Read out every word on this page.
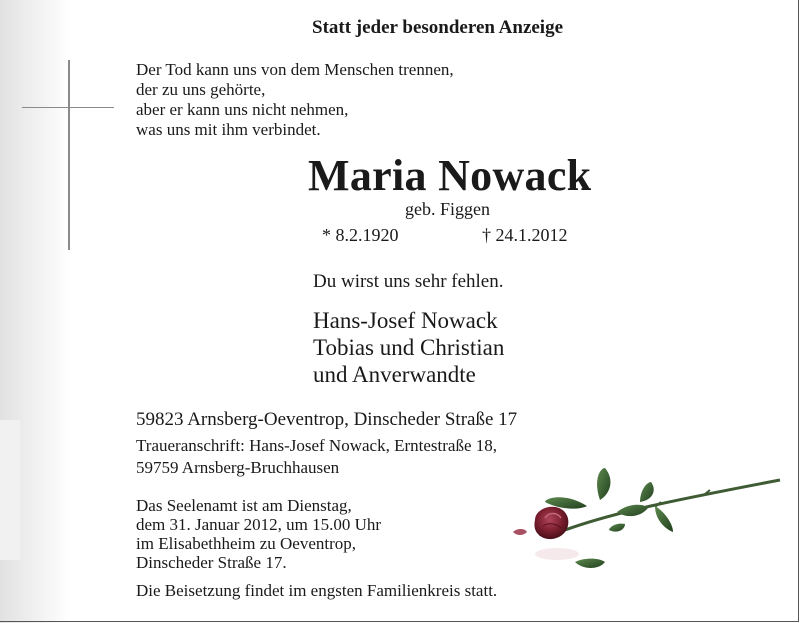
Statt jeder besonderen Anzeige
Der Tod kann uns von dem Menschen trennen,
der zu uns gehörte,
aber er kann uns nicht nehmen,
was uns mit ihm verbindet.
Maria Nowack
geb. Figgen
* 8.2.1920	† 24.1.2012
Du wirst uns sehr fehlen.
Hans-Josef Nowack
Tobias und Christian
und Anverwandte
59823 Arnsberg-Oeventrop, Dinscheder Straße 17
Traueranschrift: Hans-Josef Nowack, Erntestraße 18,
59759 Arnsberg-Bruchhausen
Das Seelenamt ist am Dienstag,
dem 31. Januar 2012, um 15.00 Uhr
im Elisabethheim zu Oeventrop,
Dinscheder Straße 17.
Die Beisetzung findet im engsten Familienkreis statt.
